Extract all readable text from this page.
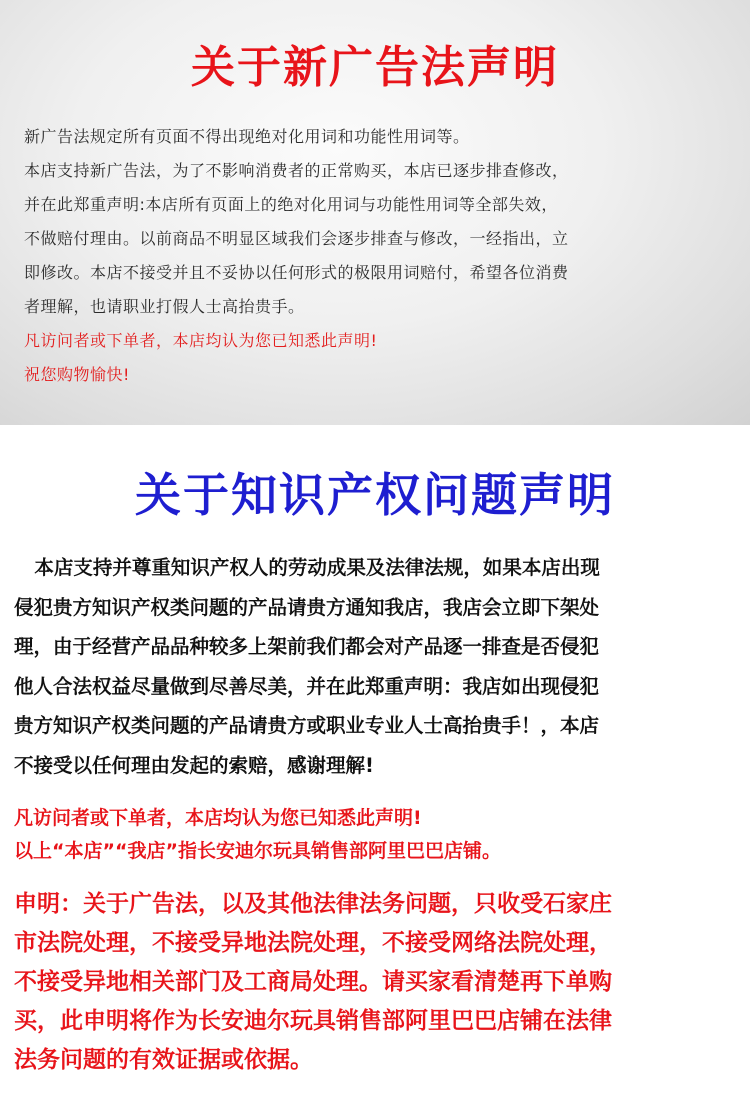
关于新广告法声明
新广告法规定所有页面不得出现绝对化用词和功能性用词等。
本店支持新广告法，为了不影响消费者的正常购买，本店已逐步排查修改，
并在此郑重声明:本店所有页面上的绝对化用词与功能性用词等全部失效，
不做赔付理由。以前商品不明显区域我们会逐步排查与修改，一经指出，立
即修改。本店不接受并且不妥协以任何形式的极限用词赔付，希望各位消费
者理解，也请职业打假人士高抬贵手。
凡访问者或下单者，本店均认为您已知悉此声明!
祝您购物愉快!
关于知识产权问题声明
本店支持并尊重知识产权人的劳动成果及法律法规，如果本店出现
侵犯贵方知识产权类问题的产品请贵方通知我店，我店会立即下架处
理，由于经营产品品种较多上架前我们都会对产品逐一排查是否侵犯
他人合法权益尽量做到尽善尽美，并在此郑重声明：我店如出现侵犯
贵方知识产权类问题的产品请贵方或职业专业人士高抬贵手！，本店
不接受以任何理由发起的索赔，感谢理解!
凡访问者或下单者，本店均认为您已知悉此声明!
以上“本店”“我店”指长安迪尔玩具销售部阿里巴巴店铺。
申明：关于广告法，以及其他法律法务问题，只收受石家庄
市法院处理，不接受异地法院处理，不接受网络法院处理，
不接受异地相关部门及工商局处理。请买家看清楚再下单购
买，此申明将作为长安迪尔玩具销售部阿里巴巴店铺在法律
法务问题的有效证据或依据。
